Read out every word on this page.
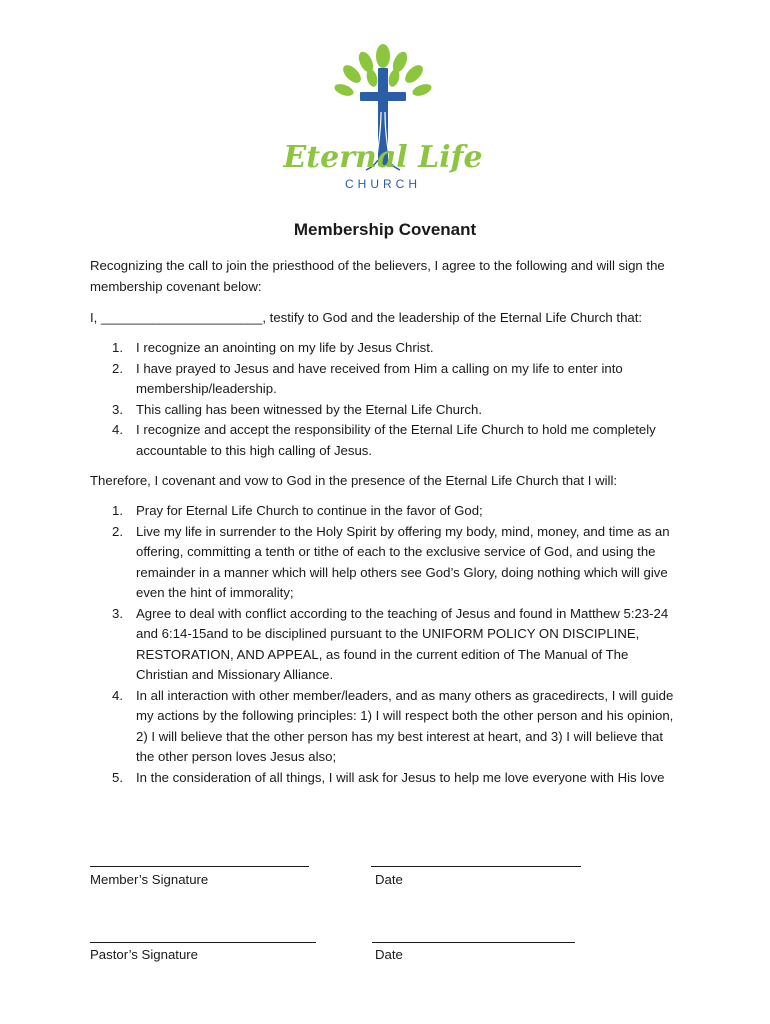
Eternal Life
CHURCH
Membership Covenant
Recognizing the call to join the priesthood of the believers, I agree to the following and will sign the membership covenant below:
I, ______________________, testify to God and the leadership of the Eternal Life Church that:
1. I recognize an anointing on my life by Jesus Christ.
2. I have prayed to Jesus and have received from Him a calling on my life to enter into membership/leadership.
3. This calling has been witnessed by the Eternal Life Church.
4. I recognize and accept the responsibility of the Eternal Life Church to hold me completely accountable to this high calling of Jesus.
Therefore, I covenant and vow to God in the presence of the Eternal Life Church that I will:
1. Pray for Eternal Life Church to continue in the favor of God;
2. Live my life in surrender to the Holy Spirit by offering my body, mind, money, and time as an offering, committing a tenth or tithe of each to the exclusive service of God, and using the remainder in a manner which will help others see God’s Glory, doing nothing which will give even the hint of immorality;
3. Agree to deal with conflict according to the teaching of Jesus and found in Matthew 5:23-24 and 6:14-15and to be disciplined pursuant to the UNIFORM POLICY ON DISCIPLINE, RESTORATION, AND APPEAL, as found in the current edition of The Manual of The Christian and Missionary Alliance.
4. In all interaction with other member/leaders, and as many others as gracedirects, I will guide my actions by the following principles: 1) I will respect both the other person and his opinion, 2) I will believe that the other person has my best interest at heart, and 3) I will believe that the other person loves Jesus also;
5. In the consideration of all things, I will ask for Jesus to help me love everyone with His love
Member’s Signature	Date
Pastor’s Signature	Date
